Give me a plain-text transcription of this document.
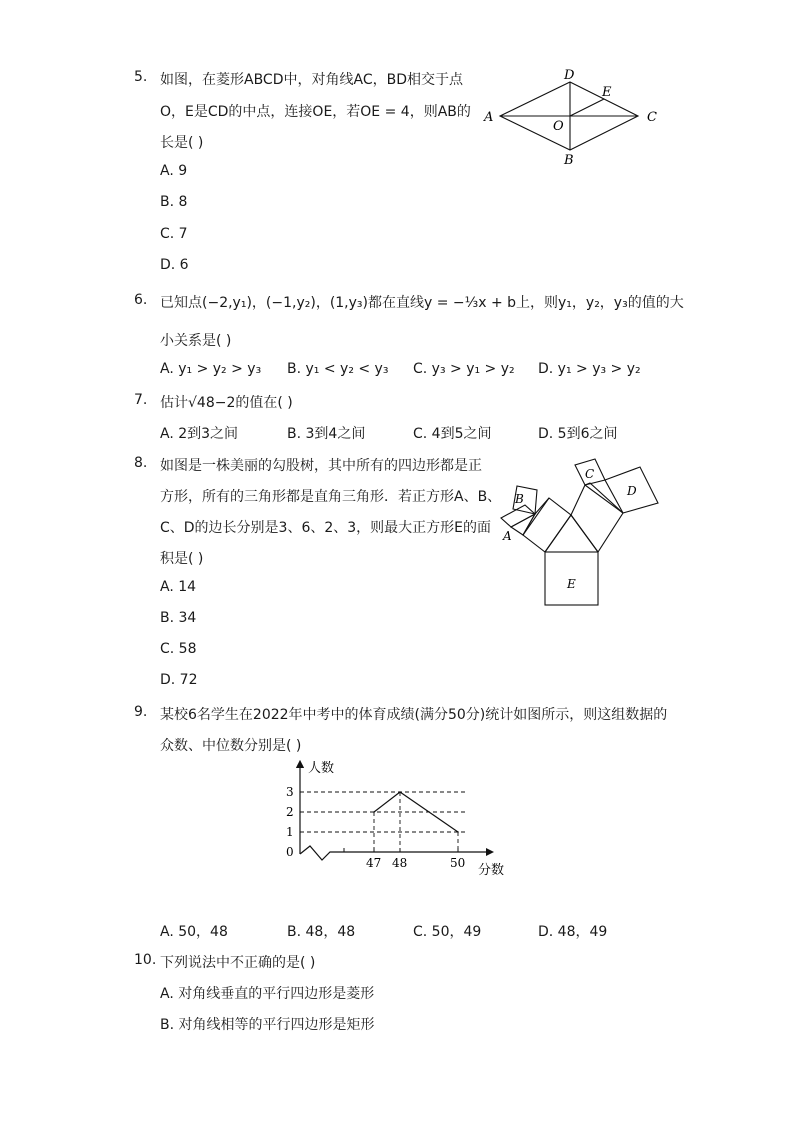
5. 如图，在菱形ABCD中，对角线AC，BD相交于点
O，E是CD的中点，连接OE，若OE = 4，则AB的
长是( )
A. 9
B. 8
C. 7
D. 6
A
D
E
C
O
B
6. 已知点(−2,y₁)，(−1,y₂)，(1,y₃)都在直线y = −⅓x + b上，则y₁，y₂，y₃的值的大
小关系是( )
A. y₁ > y₂ > y₃ B. y₁ < y₂ < y₃ C. y₃ > y₁ > y₂ D. y₁ > y₃ > y₂
7. 估计√48−2的值在( )
A. 2到3之间	B. 3到4之间	C. 4到5之间	D. 5到6之间
8. 如图是一株美丽的勾股树，其中所有的四边形都是正
方形，所有的三角形都是直角三角形．若正方形A、B、
C、D的边长分别是3、6、2、3，则最大正方形E的面
积是( )
A. 14
B. 34
C. 58
D. 72
B
A
C
D
E
9. 某校6名学生在2022年中考中的体育成绩(满分50分)统计如图所示，则这组数据的
众数、中位数分别是( )
人数
分数
0
1
2
3
47 48	50
A. 50，48	B. 48，48	C. 50，49	D. 48，49
10. 下列说法中不正确的是( )
A. 对角线垂直的平行四边形是菱形
B. 对角线相等的平行四边形是矩形
